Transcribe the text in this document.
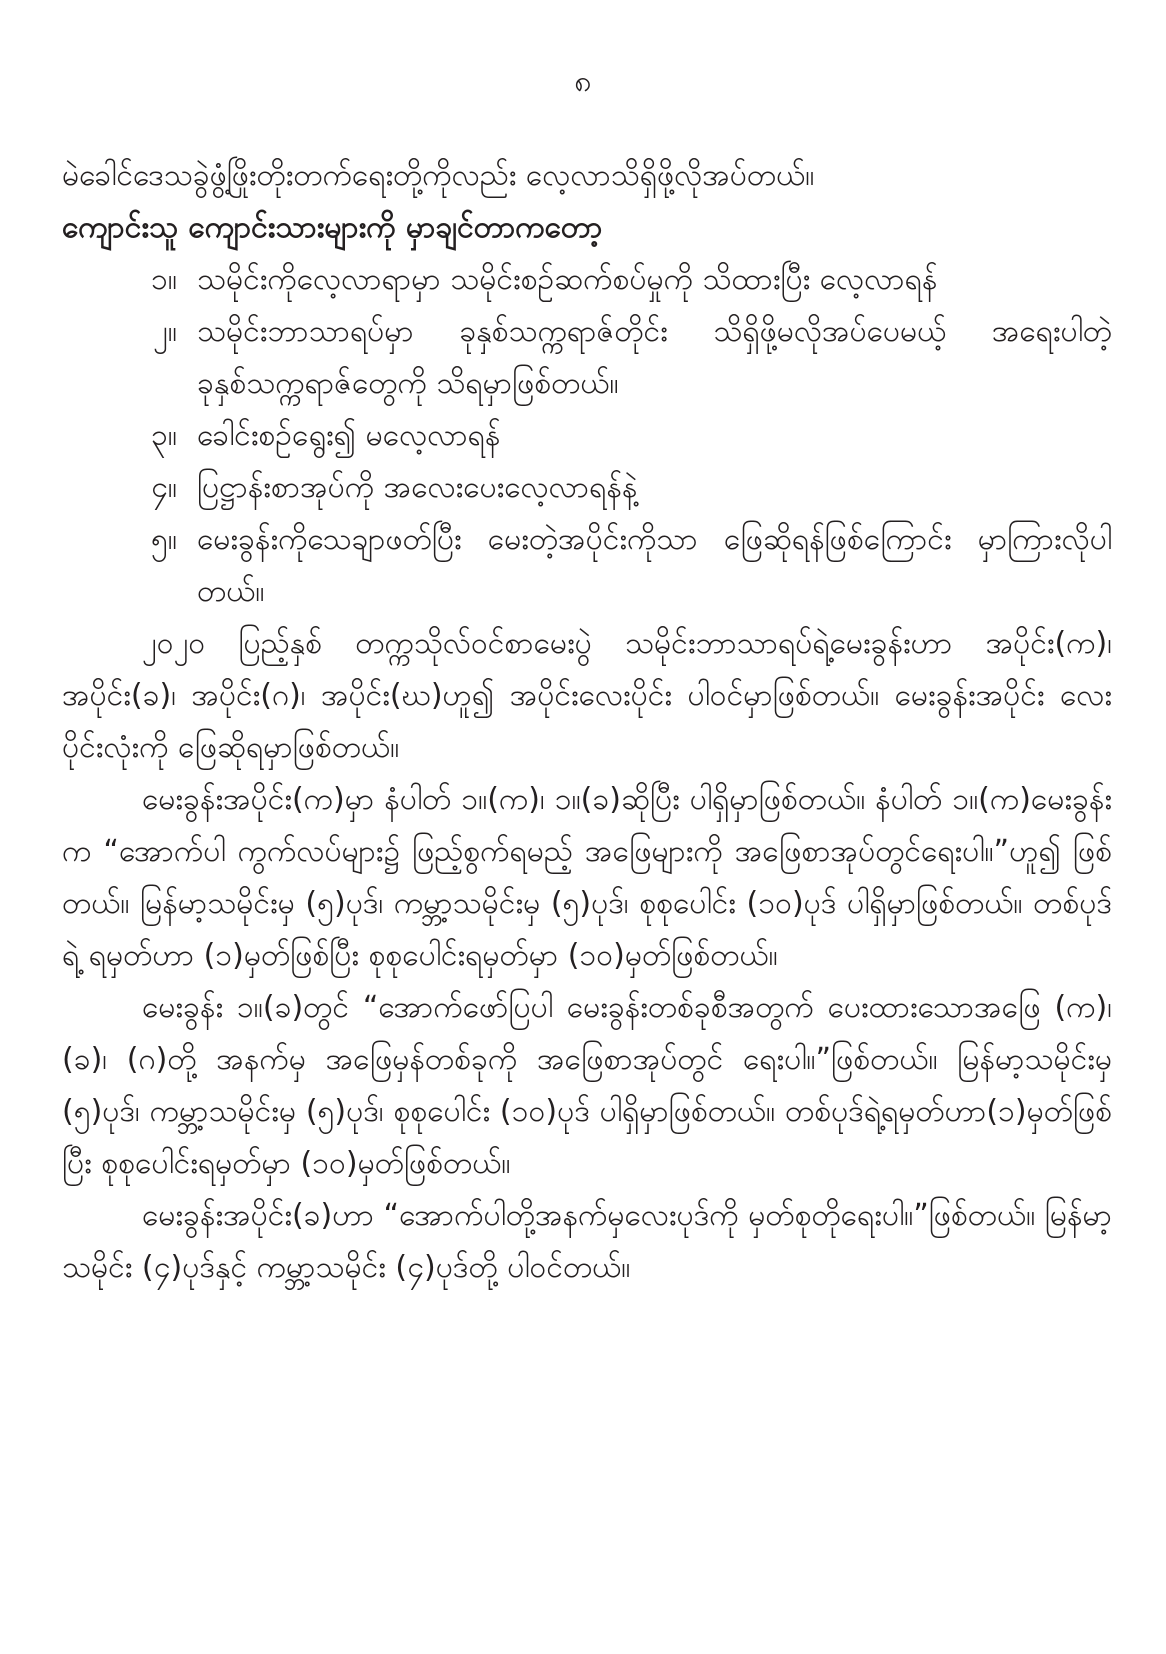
၈

မဲခေါင်ဒေသခွဲဖွံ့ဖြိုးတိုးတက်ရေးတို့ကိုလည်း လေ့လာသိရှိဖို့လိုအပ်တယ်။

ကျောင်းသူ ကျောင်းသားများကို မှာချင်တာကတော့

၁။ သမိုင်းကိုလေ့လာရာမှာ သမိုင်းစဉ်ဆက်စပ်မှုကို သိထားပြီး လေ့လာရန်
၂။ သမိုင်းဘာသာရပ်မှာ ခုနှစ်သက္ကရာဇ်တိုင်း သိရှိဖို့မလိုအပ်ပေမယ့် အရေးပါတဲ့ ခုနှစ်သက္ကရာဇ်တွေကို သိရမှာဖြစ်တယ်။
၃။ ခေါင်းစဉ်ရွေး၍ မလေ့လာရန်
၄။ ပြဋ္ဌာန်းစာအုပ်ကို အလေးပေးလေ့လာရန်နဲ့
၅။ မေးခွန်းကိုသေချာဖတ်ပြီး မေးတဲ့အပိုင်းကိုသာ ဖြေဆိုရန်ဖြစ်ကြောင်း မှာကြားလိုပါတယ်။

၂၀၂၀ ပြည့်နှစ် တက္ကသိုလ်ဝင်စာမေးပွဲ သမိုင်းဘာသာရပ်ရဲ့မေးခွန်းဟာ အပိုင်း(က)၊ အပိုင်း(ခ)၊ အပိုင်း(ဂ)၊ အပိုင်း(ဃ)ဟူ၍ အပိုင်းလေးပိုင်း ပါဝင်မှာဖြစ်တယ်။ မေးခွန်းအပိုင်း လေးပိုင်းလုံးကို ဖြေဆိုရမှာဖြစ်တယ်။

မေးခွန်းအပိုင်း(က)မှာ နံပါတ် ၁။(က)၊ ၁။(ခ)ဆိုပြီး ပါရှိမှာဖြစ်တယ်။ နံပါတ် ၁။(က)မေးခွန်းက “အောက်ပါ ကွက်လပ်များ၌ ဖြည့်စွက်ရမည့် အဖြေများကို အဖြေစာအုပ်တွင်ရေးပါ။”ဟူ၍ ဖြစ်တယ်။ မြန်မာ့သမိုင်းမှ (၅)ပုဒ်၊ ကမ္ဘာ့သမိုင်းမှ (၅)ပုဒ်၊ စုစုပေါင်း (၁၀)ပုဒ် ပါရှိမှာဖြစ်တယ်။ တစ်ပုဒ်ရဲ့ ရမှတ်ဟာ (၁)မှတ်ဖြစ်ပြီး စုစုပေါင်းရမှတ်မှာ (၁၀)မှတ်ဖြစ်တယ်။

မေးခွန်း ၁။(ခ)တွင် “အောက်ဖော်ပြပါ မေးခွန်းတစ်ခုစီအတွက် ပေးထားသောအဖြေ (က)၊ (ခ)၊ (ဂ)တို့ အနက်မှ အဖြေမှန်တစ်ခုကို အဖြေစာအုပ်တွင် ရေးပါ။”ဖြစ်တယ်။ မြန်မာ့သမိုင်းမှ (၅)ပုဒ်၊ ကမ္ဘာ့သမိုင်းမှ (၅)ပုဒ်၊ စုစုပေါင်း (၁၀)ပုဒ် ပါရှိမှာဖြစ်တယ်။ တစ်ပုဒ်ရဲ့ရမှတ်ဟာ(၁)မှတ်ဖြစ်ပြီး စုစုပေါင်းရမှတ်မှာ (၁၀)မှတ်ဖြစ်တယ်။

မေးခွန်းအပိုင်း(ခ)ဟာ “အောက်ပါတို့အနက်မှလေးပုဒ်ကို မှတ်စုတိုရေးပါ။”ဖြစ်တယ်။ မြန်မာ့သမိုင်း (၄)ပုဒ်နှင့် ကမ္ဘာ့သမိုင်း (၄)ပုဒ်တို့ ပါဝင်တယ်။
